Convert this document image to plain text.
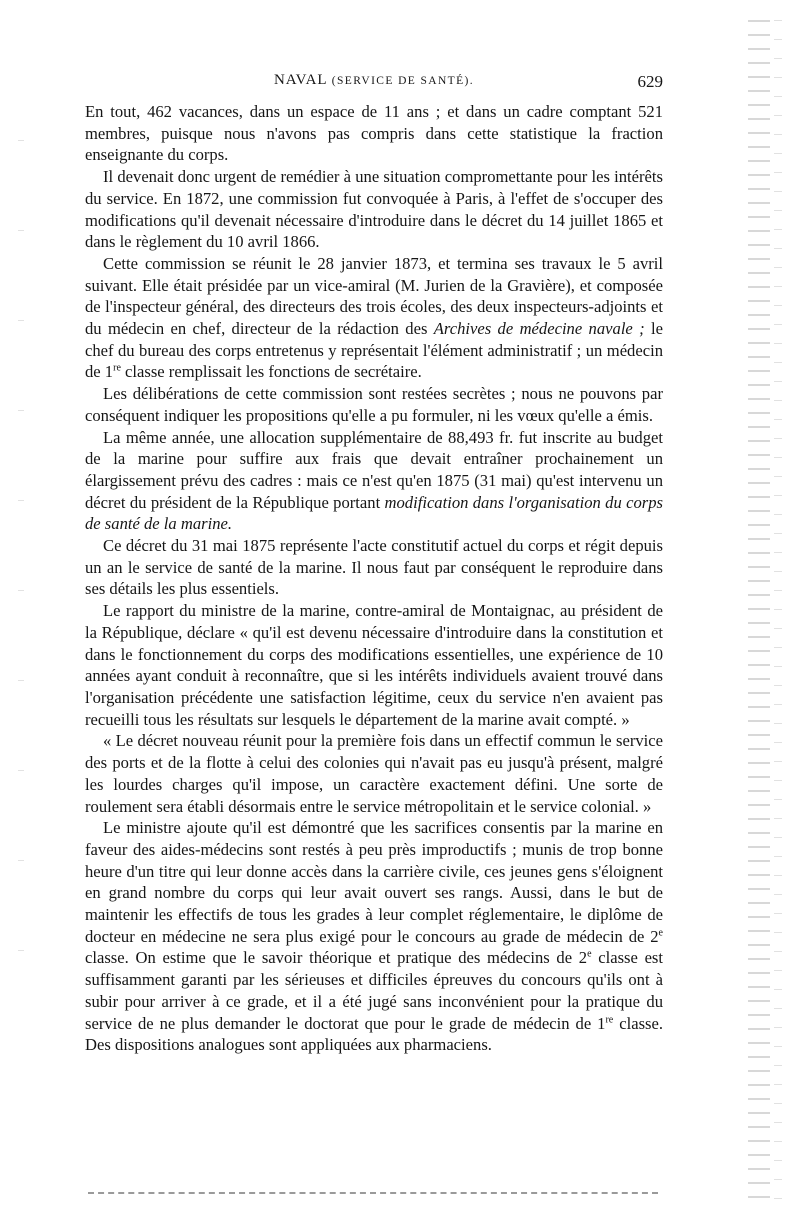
NAVAL (SERVICE DE SANTÉ).	629

En tout, 462 vacances, dans un espace de 11 ans ; et dans un cadre comptant 521 membres, puisque nous n'avons pas compris dans cette statistique la fraction enseignante du corps.

Il devenait donc urgent de remédier à une situation compromettante pour les intérêts du service. En 1872, une commission fut convoquée à Paris, à l'effet de s'occuper des modifications qu'il devenait nécessaire d'introduire dans le décret du 14 juillet 1865 et dans le règlement du 10 avril 1866.

Cette commission se réunit le 28 janvier 1873, et termina ses travaux le 5 avril suivant. Elle était présidée par un vice-amiral (M. Jurien de la Gravière), et composée de l'inspecteur général, des directeurs des trois écoles, des deux inspecteurs-adjoints et du médecin en chef, directeur de la rédaction des Archives de médecine navale ; le chef du bureau des corps entretenus y représentait l'élément administratif ; un médecin de 1re classe remplissait les fonctions de secrétaire.

Les délibérations de cette commission sont restées secrètes ; nous ne pouvons par conséquent indiquer les propositions qu'elle a pu formuler, ni les vœux qu'elle a émis.

La même année, une allocation supplémentaire de 88,493 fr. fut inscrite au budget de la marine pour suffire aux frais que devait entraîner prochainement un élargissement prévu des cadres : mais ce n'est qu'en 1875 (31 mai) qu'est intervenu un décret du président de la République portant modification dans l'organisation du corps de santé de la marine.

Ce décret du 31 mai 1875 représente l'acte constitutif actuel du corps et régit depuis un an le service de santé de la marine. Il nous faut par conséquent le reproduire dans ses détails les plus essentiels.

Le rapport du ministre de la marine, contre-amiral de Montaignac, au président de la République, déclare « qu'il est devenu nécessaire d'introduire dans la constitution et dans le fonctionnement du corps des modifications essentielles, une expérience de 10 années ayant conduit à reconnaître, que si les intérêts individuels avaient trouvé dans l'organisation précédente une satisfaction légitime, ceux du service n'en avaient pas recueilli tous les résultats sur lesquels le département de la marine avait compté. »

« Le décret nouveau réunit pour la première fois dans un effectif commun le service des ports et de la flotte à celui des colonies qui n'avait pas eu jusqu'à présent, malgré les lourdes charges qu'il impose, un caractère exactement défini. Une sorte de roulement sera établi désormais entre le service métropolitain et le service colonial. »

Le ministre ajoute qu'il est démontré que les sacrifices consentis par la marine en faveur des aides-médecins sont restés à peu près improductifs ; munis de trop bonne heure d'un titre qui leur donne accès dans la carrière civile, ces jeunes gens s'éloignent en grand nombre du corps qui leur avait ouvert ses rangs. Aussi, dans le but de maintenir les effectifs de tous les grades à leur complet réglementaire, le diplôme de docteur en médecine ne sera plus exigé pour le concours au grade de médecin de 2e classe. On estime que le savoir théorique et pratique des médecins de 2e classe est suffisamment garanti par les sérieuses et difficiles épreuves du concours qu'ils ont à subir pour arriver à ce grade, et il a été jugé sans inconvénient pour la pratique du service de ne plus demander le doctorat que pour le grade de médecin de 1re classe. Des dispositions analogues sont appliquées aux pharmaciens.
